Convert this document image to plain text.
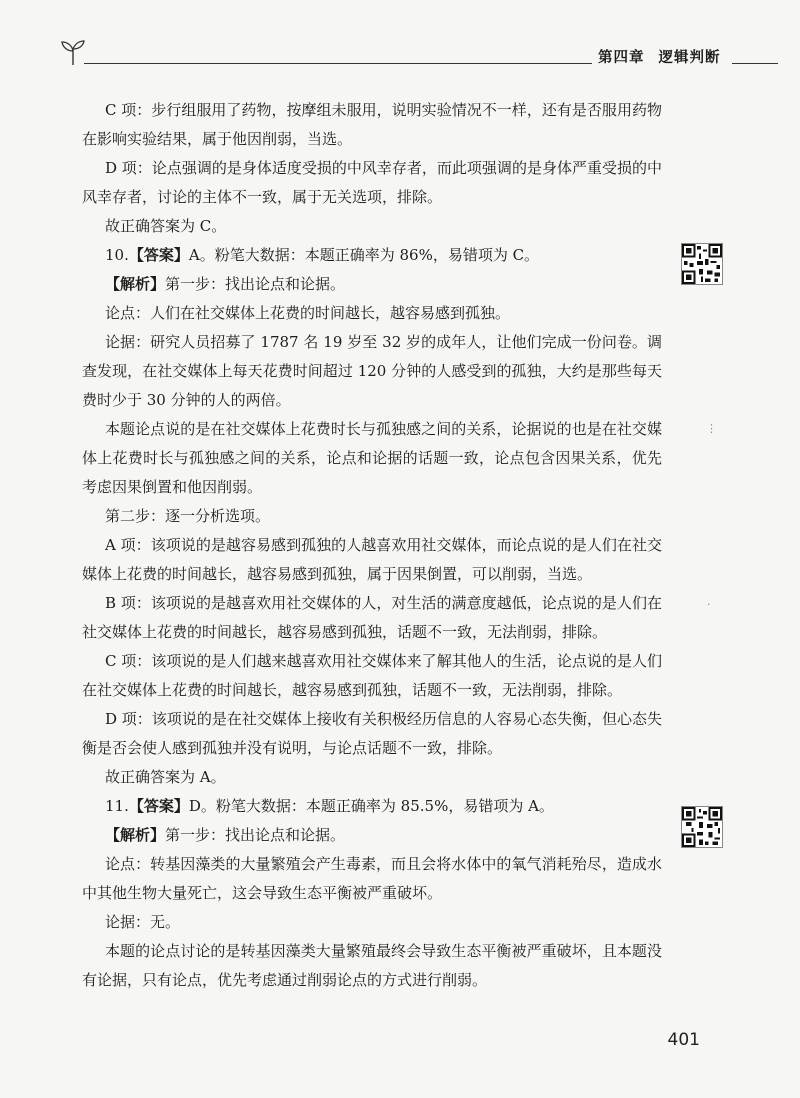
第四章 逻辑判断

C 项：步行组服用了药物，按摩组未服用，说明实验情况不一样，还有是否服用药物在影响实验结果，属于他因削弱，当选。

D 项：论点强调的是身体适度受损的中风幸存者，而此项强调的是身体严重受损的中风幸存者，讨论的主体不一致，属于无关选项，排除。

故正确答案为 C。

10.【答案】A。粉笔大数据：本题正确率为 86%，易错项为 C。

【解析】第一步：找出论点和论据。

论点：人们在社交媒体上花费的时间越长，越容易感到孤独。

论据：研究人员招募了 1787 名 19 岁至 32 岁的成年人，让他们完成一份问卷。调查发现，在社交媒体上每天花费时间超过 120 分钟的人感受到的孤独，大约是那些每天费时少于 30 分钟的人的两倍。

本题论点说的是在社交媒体上花费时长与孤独感之间的关系，论据说的也是在社交媒体上花费时长与孤独感之间的关系，论点和论据的话题一致，论点包含因果关系，优先考虑因果倒置和他因削弱。

第二步：逐一分析选项。

A 项：该项说的是越容易感到孤独的人越喜欢用社交媒体，而论点说的是人们在社交媒体上花费的时间越长，越容易感到孤独，属于因果倒置，可以削弱，当选。

B 项：该项说的是越喜欢用社交媒体的人，对生活的满意度越低，论点说的是人们在社交媒体上花费的时间越长，越容易感到孤独，话题不一致，无法削弱，排除。

C 项：该项说的是人们越来越喜欢用社交媒体来了解其他人的生活，论点说的是人们在社交媒体上花费的时间越长，越容易感到孤独，话题不一致，无法削弱，排除。

D 项：该项说的是在社交媒体上接收有关积极经历信息的人容易心态失衡，但心态失衡是否会使人感到孤独并没有说明，与论点话题不一致，排除。

故正确答案为 A。

11.【答案】D。粉笔大数据：本题正确率为 85.5%，易错项为 A。

【解析】第一步：找出论点和论据。

论点：转基因藻类的大量繁殖会产生毒素，而且会将水体中的氧气消耗殆尽，造成水中其他生物大量死亡，这会导致生态平衡被严重破坏。

论据：无。

本题的论点讨论的是转基因藻类大量繁殖最终会导致生态平衡被严重破坏，且本题没有论据，只有论点，优先考虑通过削弱论点的方式进行削弱。

⋮
·
401
